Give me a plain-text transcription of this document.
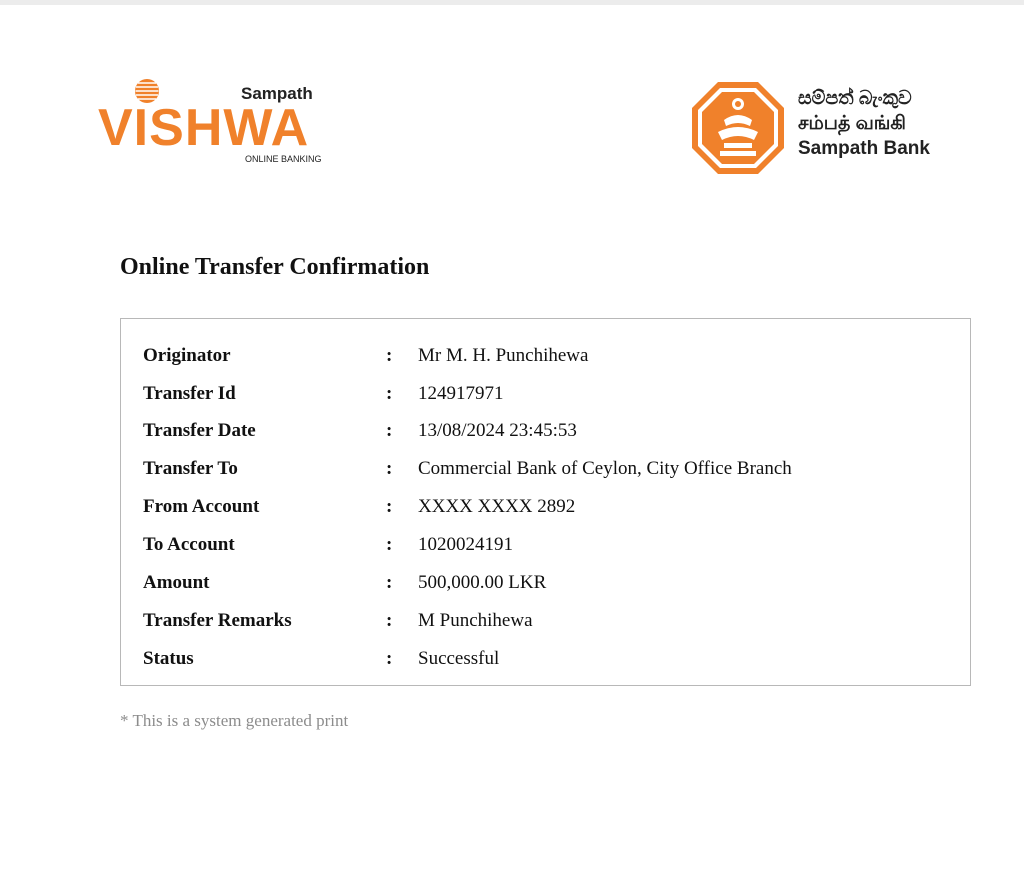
Sampath
VISHWA
ONLINE BANKING
සම්පත් බැංකුව
சம்பத் வங்கி
Sampath Bank
Online Transfer Confirmation
Originator	: Mr M. H. Punchihewa
Transfer Id	: 124917971
Transfer Date	: 13/08/2024 23:45:53
Transfer To	: Commercial Bank of Ceylon, City Office Branch
From Account	: XXXX XXXX 2892
To Account	: 1020024191
Amount	: 500,000.00 LKR
Transfer Remarks	: M Punchihewa
Status	: Successful
* This is a system generated print
